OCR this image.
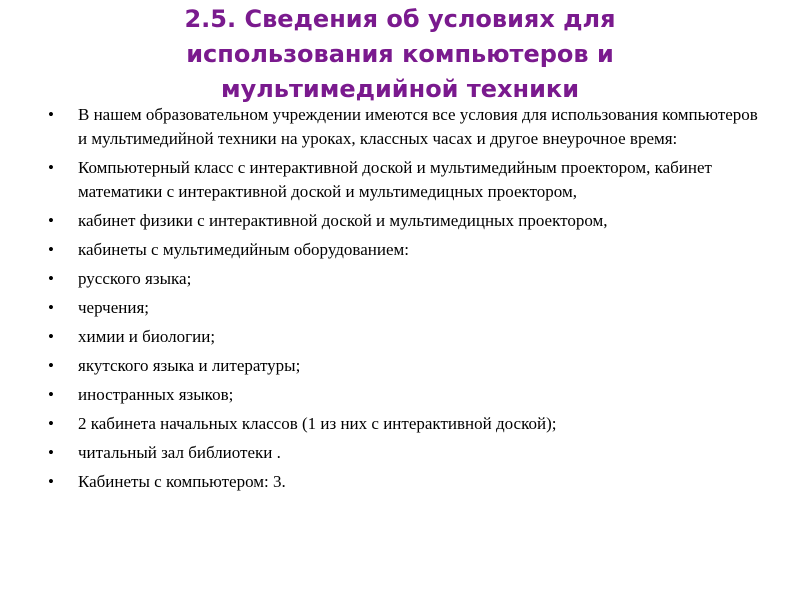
2.5. Сведения об условиях для использования компьютеров и мультимедийной техники
• В нашем образовательном учреждении имеются все условия для использования компьютеров и мультимедийной техники на уроках, классных часах и другое внеурочное время:
• Компьютерный класс с интерактивной доской и мультимедийным проектором, кабинет математики с интерактивной доской и мультимедицных проектором,
• кабинет физики с интерактивной доской и мультимедицных проектором,
• кабинеты с мультимедийным оборудованием:
• русского языка;
• черчения;
• химии и биологии;
• якутского языка и литературы;
• иностранных языков;
• 2 кабинета начальных классов (1 из них с интерактивной доской);
• читальный зал библиотеки .
• Кабинеты с компьютером: 3.
